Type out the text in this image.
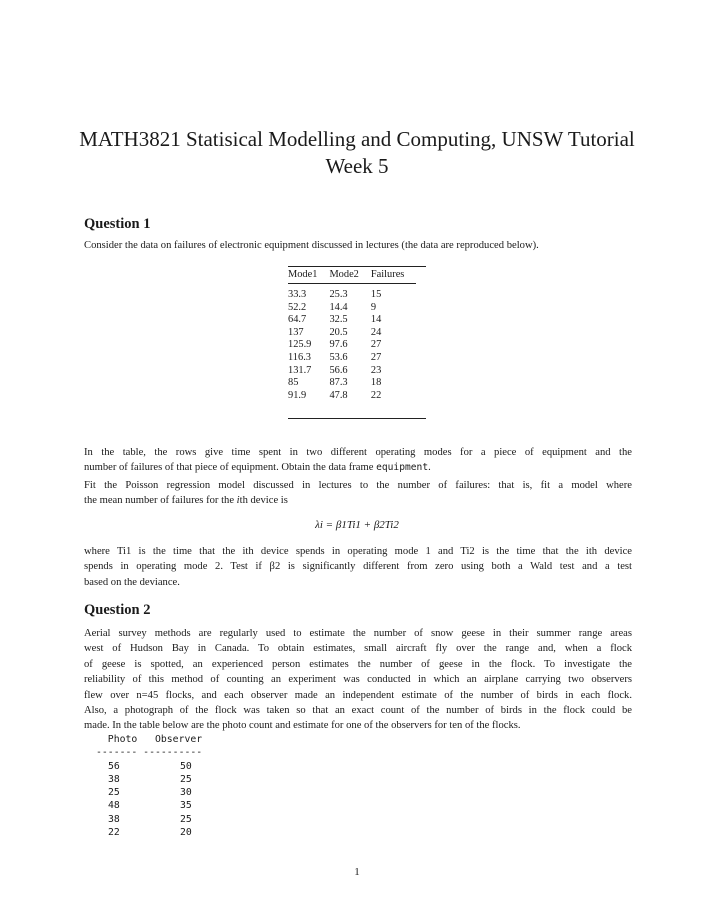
MATH3821 Statisical Modelling and Computing, UNSW Tutorial
Week 5
Question 1
Consider the data on failures of electronic equipment discussed in lectures (the data are reproduced below).
Mode1	Mode2	Failures

33.3	25.3	15
52.2	14.4	9
64.7	32.5	14
137	20.5	24
125.9	97.6	27
116.3	53.6	27
131.7	56.6	23
85	87.3	18
91.9	47.8	22
In the table, the rows give time spent in two different operating modes for a piece of equipment and the
number of failures of that piece of equipment. Obtain the data frame equipment.
Fit the Poisson regression model discussed in lectures to the number of failures: that is, fit a model where
the mean number of failures for the ith device is
λi = β1Ti1 + β2Ti2
where Ti1 is the time that the ith device spends in operating mode 1 and Ti2 is the time that the ith device
spends in operating mode 2. Test if β2 is significantly different from zero using both a Wald test and a test
based on the deviance.
Question 2
Aerial survey methods are regularly used to estimate the number of snow geese in their summer range areas
west of Hudson Bay in Canada. To obtain estimates, small aircraft fly over the range and, when a flock
of geese is spotted, an experienced person estimates the number of geese in the flock. To investigate the
reliability of this method of counting an experiment was conducted in which an airplane carrying two observers
flew over n=45 flocks, and each observer made an independent estimate of the number of birds in each flock.
Also, a photograph of the flock was taken so that an exact count of the number of birds in the flock could be
made. In the table below are the photo count and estimate for one of the observers for ten of the flocks.
Photo   Observer
------- ----------
56	50
38	25
25	30
48	35
38	25
22	20
1
